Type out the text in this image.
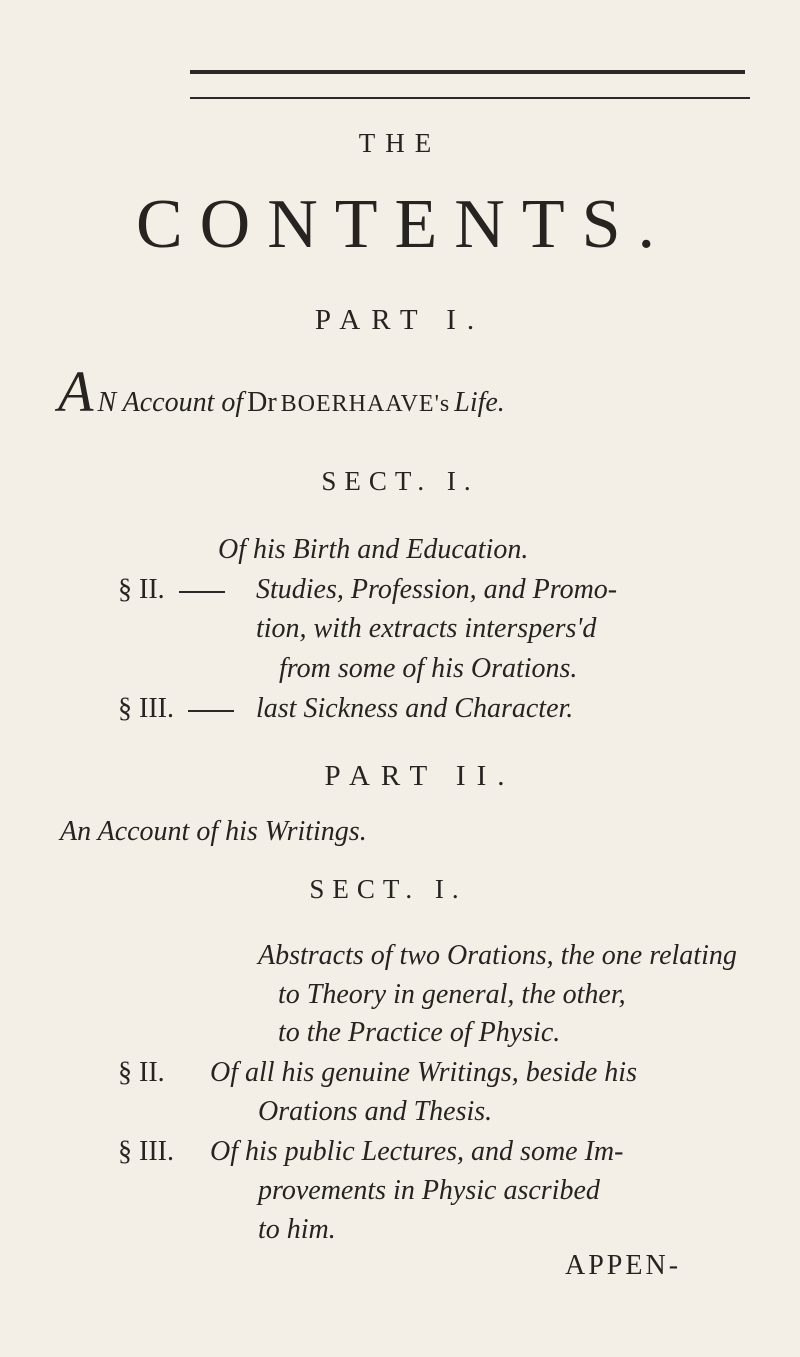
THE
CONTENTS.
PART I.
A N Account of Dr BOERHAAVE's Life.
SECT. I.
Of his Birth and Education.
§ II.	Studies, Profession, and Promo-
tion, with extracts interspers'd
from some of his Orations.
§ III.	last Sickness and Character.
PART II.
An Account of his Writings.
SECT. I.
Abstracts of two Orations, the one relating
to Theory in general, the other,
to the Practice of Physic.
§ II. Of all his genuine Writings, beside his
Orations and Thesis.
§ III. Of his public Lectures, and some Im-
provements in Physic ascribed
to him.
APPEN-
